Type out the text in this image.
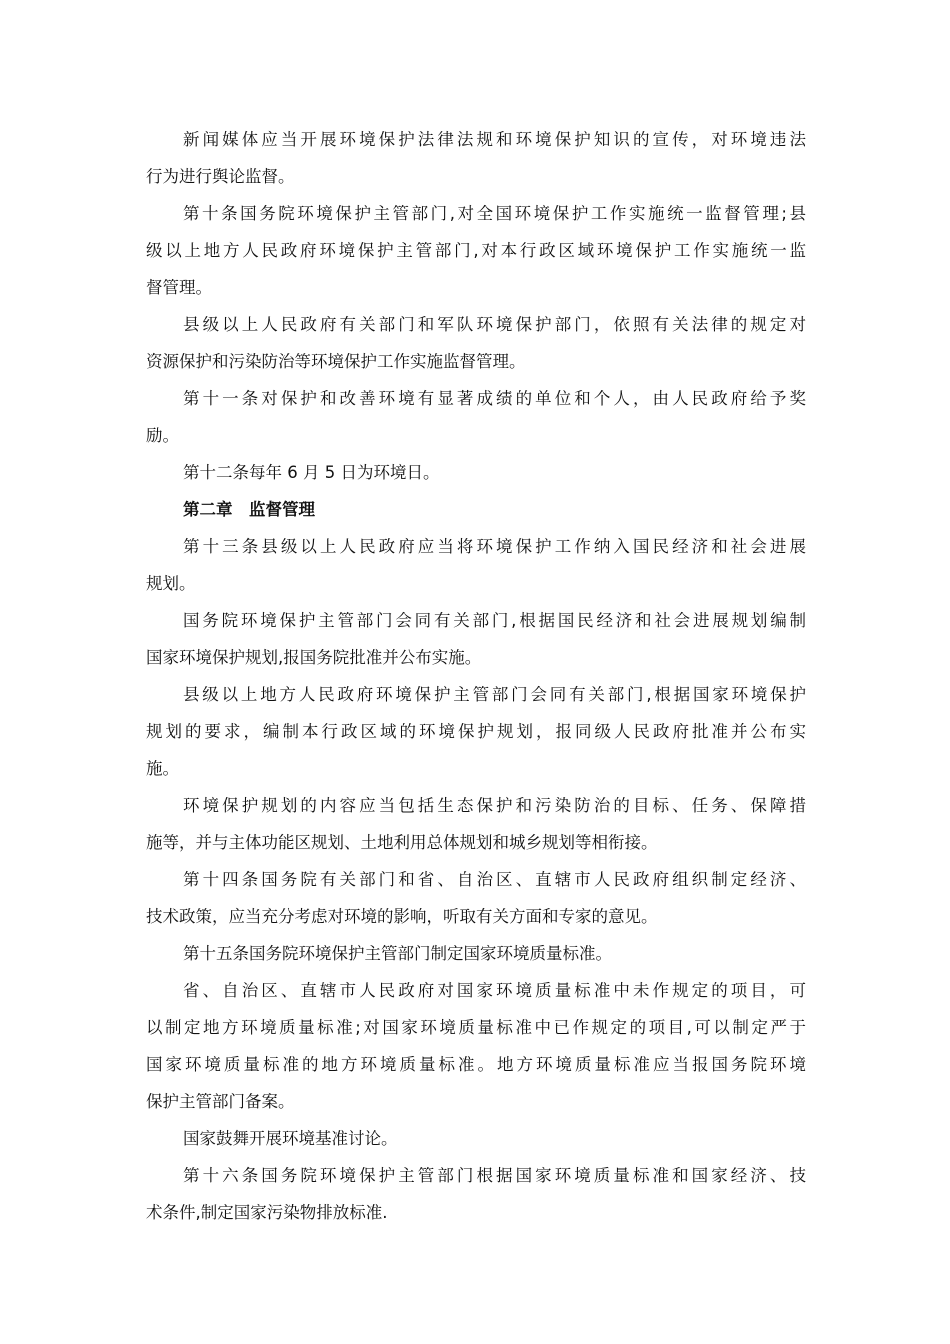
新闻媒体应当开展环境保护法律法规和环境保护知识的宣传，对环境违法
行为进行舆论监督。
第十条国务院环境保护主管部门,对全国环境保护工作实施统一监督管理;县
级以上地方人民政府环境保护主管部门,对本行政区域环境保护工作实施统一监
督管理。
县级以上人民政府有关部门和军队环境保护部门，依照有关法律的规定对
资源保护和污染防治等环境保护工作实施监督管理。
第十一条对保护和改善环境有显著成绩的单位和个人，由人民政府给予奖
励。
第十二条每年 6 月 5 日为环境日。
第二章　监督管理
第十三条县级以上人民政府应当将环境保护工作纳入国民经济和社会进展
规划。
国务院环境保护主管部门会同有关部门,根据国民经济和社会进展规划编制
国家环境保护规划,报国务院批准并公布实施。
县级以上地方人民政府环境保护主管部门会同有关部门,根据国家环境保护
规划的要求，编制本行政区域的环境保护规划，报同级人民政府批准并公布实
施。
环境保护规划的内容应当包括生态保护和污染防治的目标、任务、保障措
施等，并与主体功能区规划、土地利用总体规划和城乡规划等相衔接。
第十四条国务院有关部门和省、自治区、直辖市人民政府组织制定经济、
技术政策，应当充分考虑对环境的影响，听取有关方面和专家的意见。
第十五条国务院环境保护主管部门制定国家环境质量标准。
省、自治区、直辖市人民政府对国家环境质量标准中未作规定的项目，可
以制定地方环境质量标准;对国家环境质量标准中已作规定的项目,可以制定严于
国家环境质量标准的地方环境质量标准。地方环境质量标准应当报国务院环境
保护主管部门备案。
国家鼓舞开展环境基准讨论。
第十六条国务院环境保护主管部门根据国家环境质量标准和国家经济、技
术条件,制定国家污染物排放标准.
